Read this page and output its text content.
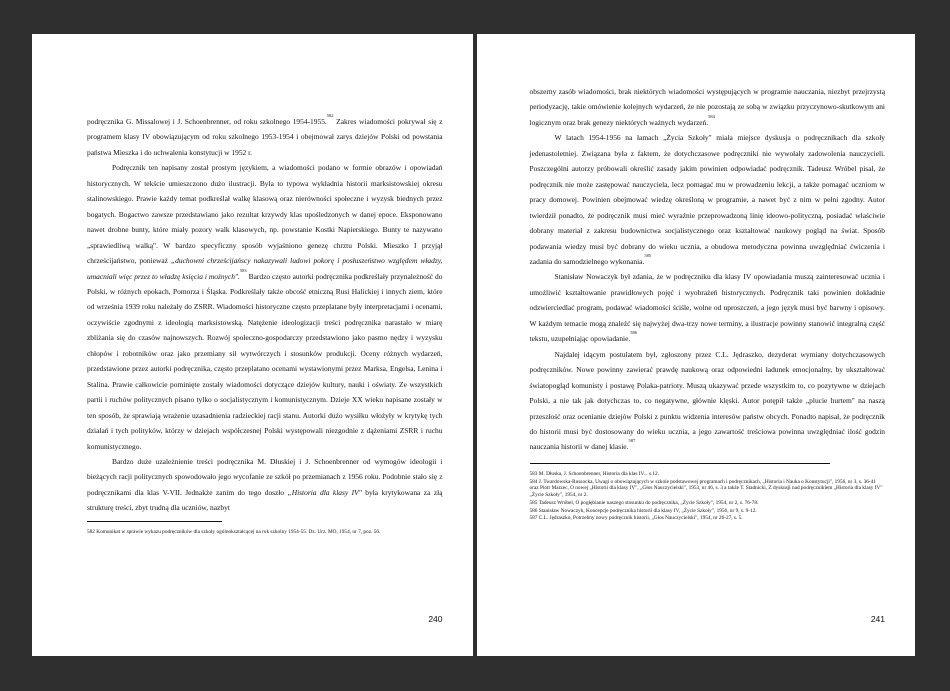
podręcznika G. Missalowej i J. Schoenbrenner, od roku szkolnego 1954-1955.$^{582}$ Zakres wiadomości pokrywał się z programem klasy IV obowiązującym od roku szkolnego 1953-1954 i obejmował zarys dziejów Polski od powstania państwa Mieszka i do uchwalenia konstytucji w 1952 r.

Podręcznik ten napisany został prostym językiem, a wiadomości podano w formie obrazów i opowiadań historycznych. W tekście umieszczono dużo ilustracji. Była to typowa wykładnia historii marksistowskiej okresu stalinowskiego. Prawie każdy temat podkreślał walkę klasową oraz nierówności społeczne i wyzysk biednych przez bogatych. Bogactwo zawsze przedstawiano jako rezultat krzywdy klas upośledzonych w danej epoce. Eksponowano nawet drobne bunty, które miały pozory walk klasowych, np. powstanie Kostki Napierskiego. Bunty te nazywano „sprawiedliwą walką". W bardzo specyficzny sposób wyjaśniono genezę chrztu Polski. Mieszko I przyjął chrześcijaństwo, ponieważ „duchowni chrześcijańscy nakazywali ludowi pokorę i posłuszeństwo względem władzy, umacniali więc przez to władzę księcia i możnych".$^{583}$ Bardzo często autorki podręcznika podkreślały przynależność do Polski, w różnych epokach, Pomorza i Śląska. Podkreślały także obcość etniczną Rusi Halickiej i innych ziem, które od września 1939 roku należały do ZSRR. Wiadomości historyczne często przeplatane były interpretacjami i ocenami, oczywiście zgodnymi z ideologią marksistowską. Natężenie ideologizacji treści podręcznika narastało w miarę zbliżania się do czasów najnowszych. Rozwój społeczno-gospodarczy przedstawiono jako pasmo nędzy i wyzysku chłopów i robotników oraz jako przemiany sił wytwórczych i stosunków produkcji. Oceny różnych wydarzeń, przedstawione przez autorki podręcznika, często przeplatano ocenami wystawionymi przez Marksa, Engelsa, Lenina i Stalina. Prawie całkowicie pominięte zostały wiadomości dotyczące dziejów kultury, nauki i oświaty. Ze wszystkich partii i ruchów politycznych pisano tylko o socjalistycznym i komunistycznym. Dzieje XX wieku napisane zostały w ten sposób, że sprawiają wrażenie uzasadnienia radzieckiej racji stanu. Autorki dużo wysiłku włożyły w krytykę tych działań i tych polityków, którzy w dziejach współczesnej Polski występowali niezgodnie z dążeniami ZSRR i ruchu komunistycznego.

Bardzo duże uzależnienie treści podręcznika M. Dłuskiej i J. Schoenbrenner od wymogów ideologii i bieżących racji politycznych spowodowało jego wycofanie ze szkół po przemianach z 1956 roku. Podobnie stało się z podręcznikami dla klas V-VII. Jednakże zanim do tego doszło „Historia dla klasy IV" była krytykowana za złą strukturę treści, zbyt trudną dla uczniów, nazbyt

582 Komunikat w sprawie wykazu podręczników dla szkoły ogólnokształcącej na rok szkolny 1954-55. Dz. Urz. MO, 1954, nr 7, poz. 56.

240

obszerny zasób wiadomości, brak niektórych wiadomości występujących w programie nauczania, niezbyt przejrzystą periodyzację, takie omówienie kolejnych wydarzeń, że nie pozostają ze sobą w związku przyczynowo-skutkowym ani logicznym oraz brak genezy niektórych ważnych wydarzeń.$^{584}$

W latach 1954-1956 na łamach „Życia Szkoły" miała miejsce dyskusja o podręcznikach dla szkoły jedenastoletniej. Związana była z faktem, że dotychczasowe podręczniki nie wywołały zadowolenia nauczycieli. Poszczególni autorzy próbowali określić zasady jakim powinien odpowiadać podręcznik. Tadeusz Wróbel pisał, że podręcznik nie może zastępować nauczyciela, lecz pomagać mu w prowadzeniu lekcji, a także pomagać uczniom w pracy domowej. Powinien obejmować wiedzę określoną w programie, a nawet być z nim w pełni zgodny. Autor twierdził ponadto, że podręcznik musi mieć wyraźnie przeprowadzoną linię ideowo-polityczną, posiadać właściwie dobrany materiał z zakresu budownictwa socjalistycznego oraz kształtować naukowy pogląd na świat. Sposób podawania wiedzy musi być dobrany do wieku ucznia, a obudowa metodyczna powinna uwzględniać ćwiczenia i zadania do samodzielnego wykonania.$^{585}$

Stanisław Nowaczyk był zdania, że w podręczniku dla klasy IV opowiadania muszą zainteresować ucznia i umożliwić kształtowanie prawidłowych pojęć i wyobrażeń historycznych. Podręcznik taki powinien dokładnie odzwierciedlać program, podawać wiadomości ściśle, wolne od uproszczeń, a jego język musi być barwny i opisowy. W każdym temacie mogą znaleźć się najwyżej dwa-trzy nowe terminy, a ilustracje powinny stanowić integralną część tekstu, uzupełniając opowiadanie.$^{586}$

Najdalej idącym postulatem był, zgłoszony przez C.L. Jędraszko, dezyderat wymiany dotychczasowych podręczników. Nowe powinny zawierać prawdę naukową oraz odpowiedni ładunek emocjonalny, by ukształtować światopogląd komunisty i postawę Polaka-patrioty. Muszą ukazywać przede wszystkim to, co pozytywne w dziejach Polski, a nie tak jak dotychczas to, co negatywne, głównie klęski. Autor potępił także „plucie hurtem" na naszą przeszłość oraz ocenianie dziejów Polski z punktu widzenia interesów państw obcych. Ponadto napisał, że podręcznik do historii musi być dostosowany do wieku ucznia, a jego zawartość treściowa powinna uwzględniać ilość godzin nauczania historii w danej klasie.$^{587}$

583 M. Dłuska, J. Schoenbrenner, Historia dla klas IV... s.12.

584 J. Twardowska-Russocka, Uwagi o obowiązujących w szkole podstawowej programach i podręcznikach, „Historia i Nauka o Konstytucji", 1956, nr 3, s. 36-41 oraz Piotr Marzec, O nowej „Historii dla klasy IV", „Głos Nauczycielski", 1953, nr 46, s. 3 a także T. Stadnicki, Z dyskusji nad podręcznikiem „Historia dla klasy IV" „Życie Szkoły", 1954, nr 2.

585 Tadeusz Wróbel, O pogłębianie naszego stosunku do podręcznika, „Życie Szkoły", 1954, nr 2, s. 76-78.

586 Stanisław Nowaczyk, Koncepcje podręcznika historii dla klasy IV, „Życie Szkoły", 1956, nr 9, s. 9-12.

587 C.L. Jędraszko, Potrzebny nowy podręcznik historii, „Głos Nauczycielski", 1954, nr 26-27, s. 5.

241
